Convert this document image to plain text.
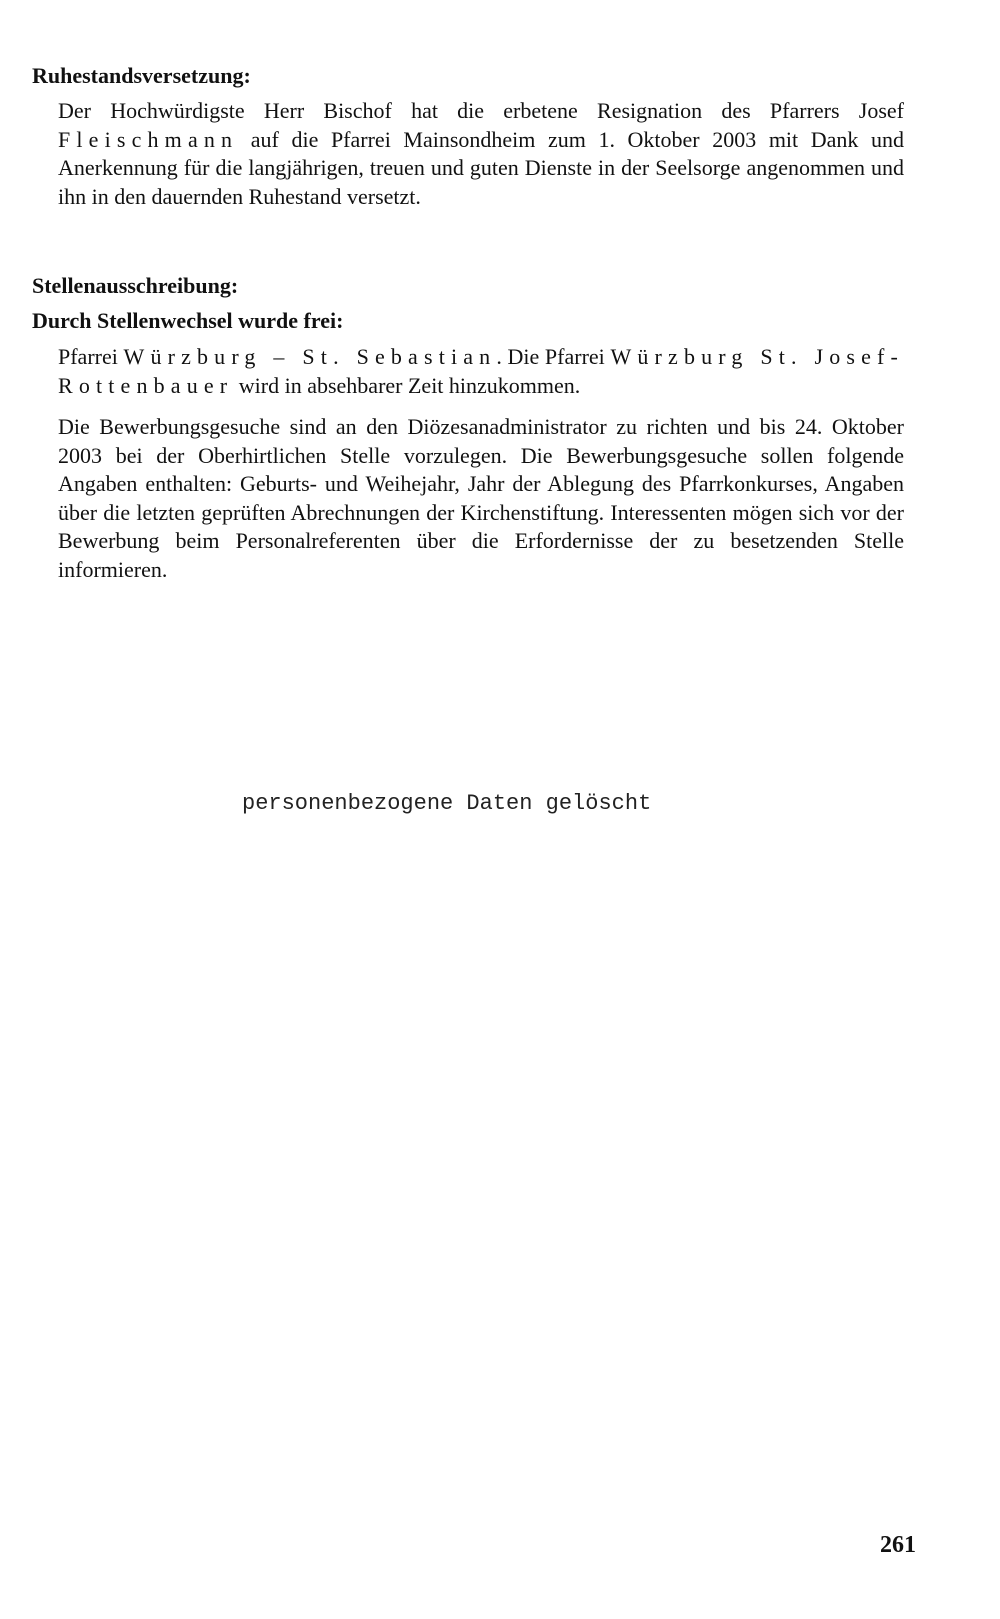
Ruhestandsversetzung:

Der Hochwürdigste Herr Bischof hat die erbetene Resignation des Pfarrers Josef Fleischmann auf die Pfarrei Mainsondheim zum 1. Oktober 2003 mit Dank und Anerkennung für die langjährigen, treuen und guten Dienste in der Seelsorge angenommen und ihn in den dauernden Ruhestand versetzt.

Stellenausschreibung:
Durch Stellenwechsel wurde frei:

Pfarrei Würzburg – St. Sebastian. Die Pfarrei Würzburg St. Josef-Rottenbauer wird in absehbarer Zeit hinzukommen.

Die Bewerbungsgesuche sind an den Diözesanadministrator zu richten und bis 24. Oktober 2003 bei der Oberhirtlichen Stelle vorzulegen. Die Bewerbungsgesuche sollen folgende Angaben enthalten: Geburts- und Weihejahr, Jahr der Ablegung des Pfarrkonkurses, Angaben über die letzten geprüften Abrechnungen der Kirchenstiftung. Interessenten mögen sich vor der Bewerbung beim Personalreferenten über die Erfordernisse der zu besetzenden Stelle informieren.

personenbezogene Daten gelöscht
261
